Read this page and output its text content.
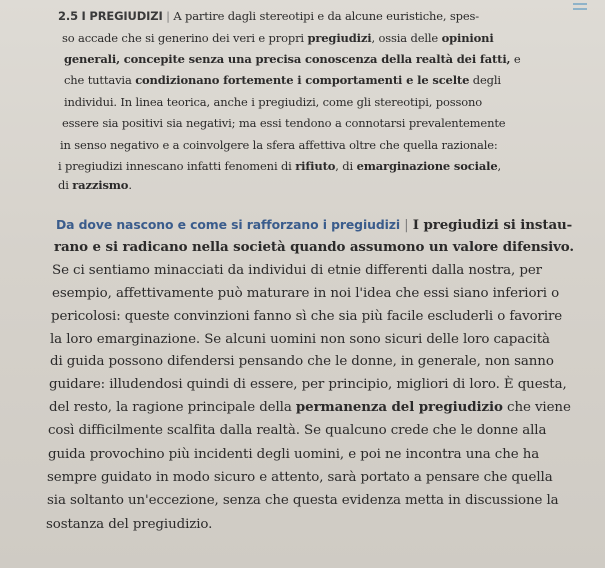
2.5 I PREGIUDIZI | A partire dagli stereotipi e da alcune euristiche, spes-
so accade che si generino dei veri e propri pregiudizi, ossia delle opinioni
generali, concepite senza una precisa conoscenza della realtà dei fatti, e
che tuttavia condizionano fortemente i comportamenti e le scelte degli
individui. In linea teorica, anche i pregiudizi, come gli stereotipi, possono
essere sia positivi sia negativi; ma essi tendono a connotarsi prevalentemente
in senso negativo e a coinvolgere la sfera affettiva oltre che quella razionale:
i pregiudizi innescano infatti fenomeni di rifiuto, di emarginazione sociale,
di razzismo.
Da dove nascono e come si rafforzano i pregiudizi | I pregiudizi si instau-
rano e si radicano nella società quando assumono un valore difensivo.
Se ci sentiamo minacciati da individui di etnie differenti dalla nostra, per
esempio, affettivamente può maturare in noi l'idea che essi siano inferiori o
pericolosi: queste convinzioni fanno sì che sia più facile escluderli o favorire
la loro emarginazione. Se alcuni uomini non sono sicuri delle loro capacità
di guida possono difendersi pensando che le donne, in generale, non sanno
guidare: illudendosi quindi di essere, per principio, migliori di loro. È questa,
del resto, la ragione principale della permanenza del pregiudizio che viene
così difficilmente scalfita dalla realtà. Se qualcuno crede che le donne alla
guida provochino più incidenti degli uomini, e poi ne incontra una che ha
sempre guidato in modo sicuro e attento, sarà portato a pensare che quella
sia soltanto un'eccezione, senza che questa evidenza metta in discussione la
sostanza del pregiudizio.
